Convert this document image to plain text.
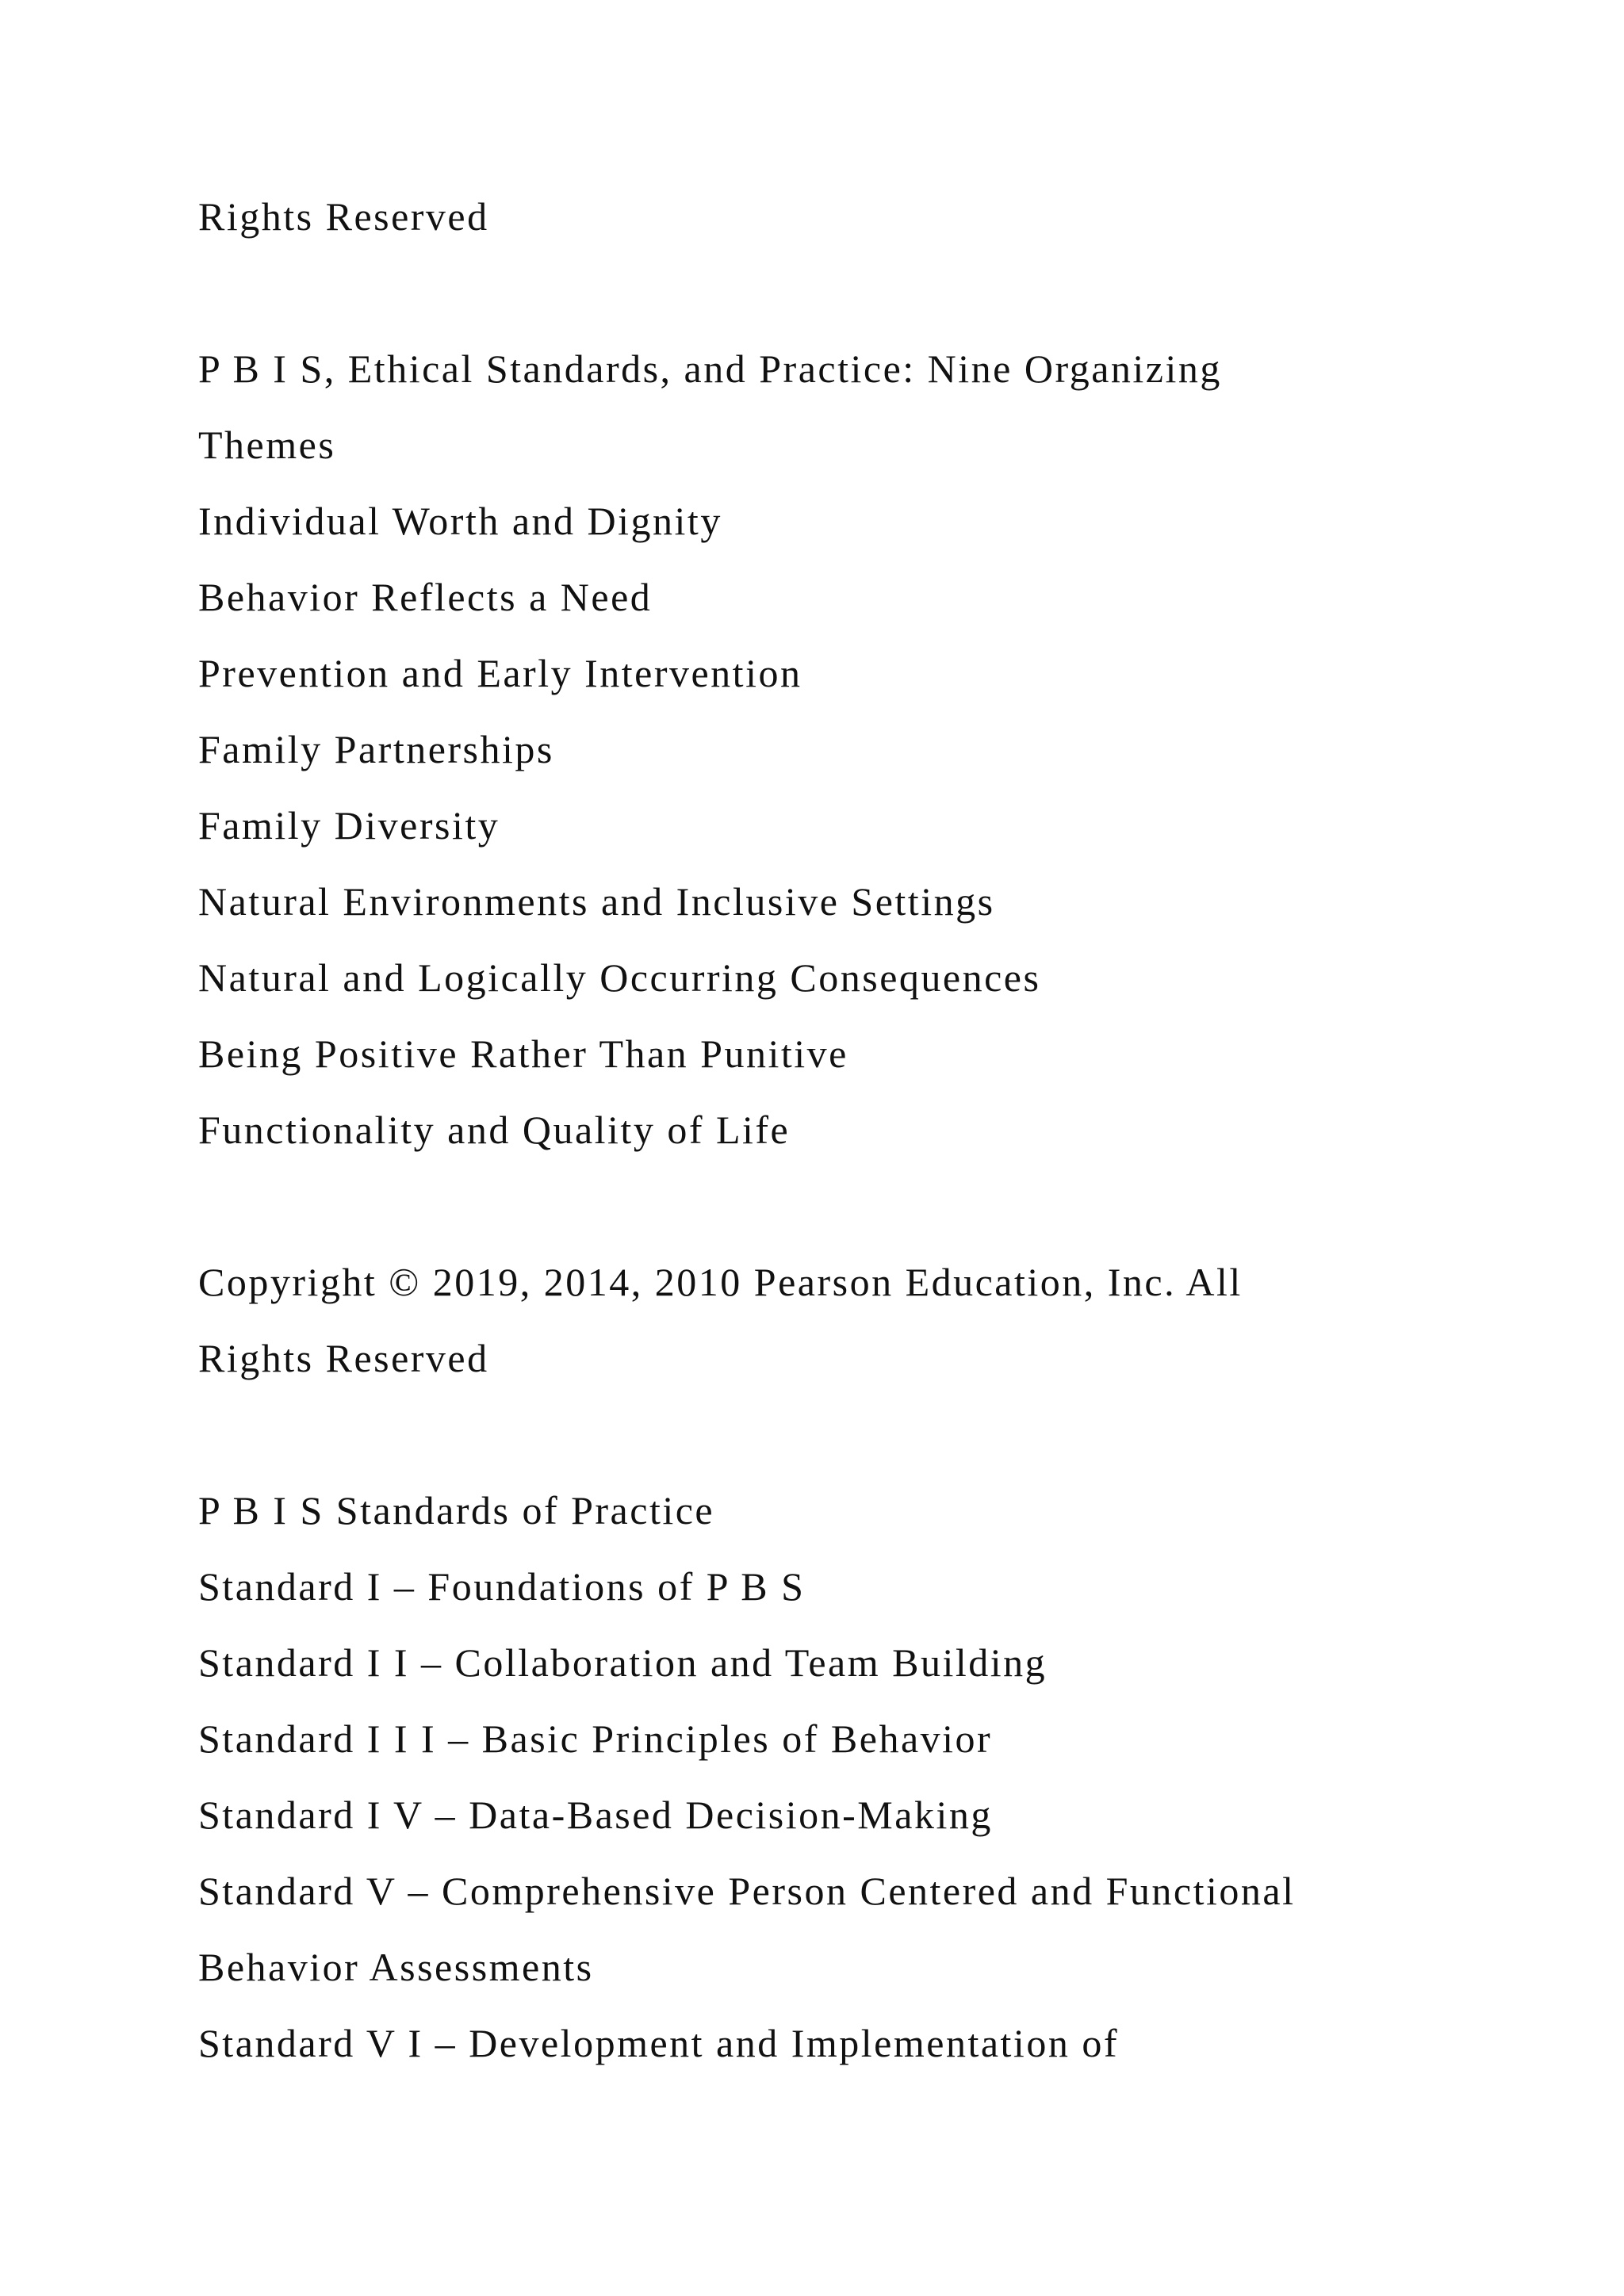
Rights Reserved
P B I S, Ethical Standards, and Practice: Nine Organizing
Themes
Individual Worth and Dignity
Behavior Reflects a Need
Prevention and Early Intervention
Family Partnerships
Family Diversity
Natural Environments and Inclusive Settings
Natural and Logically Occurring Consequences
Being Positive Rather Than Punitive
Functionality and Quality of Life
Copyright © 2019, 2014, 2010 Pearson Education, Inc. All
Rights Reserved
P B I S Standards of Practice
Standard I – Foundations of P B S
Standard I I – Collaboration and Team Building
Standard I I I – Basic Principles of Behavior
Standard I V – Data-Based Decision-Making
Standard V – Comprehensive Person Centered and Functional
Behavior Assessments
Standard V I – Development and Implementation of
